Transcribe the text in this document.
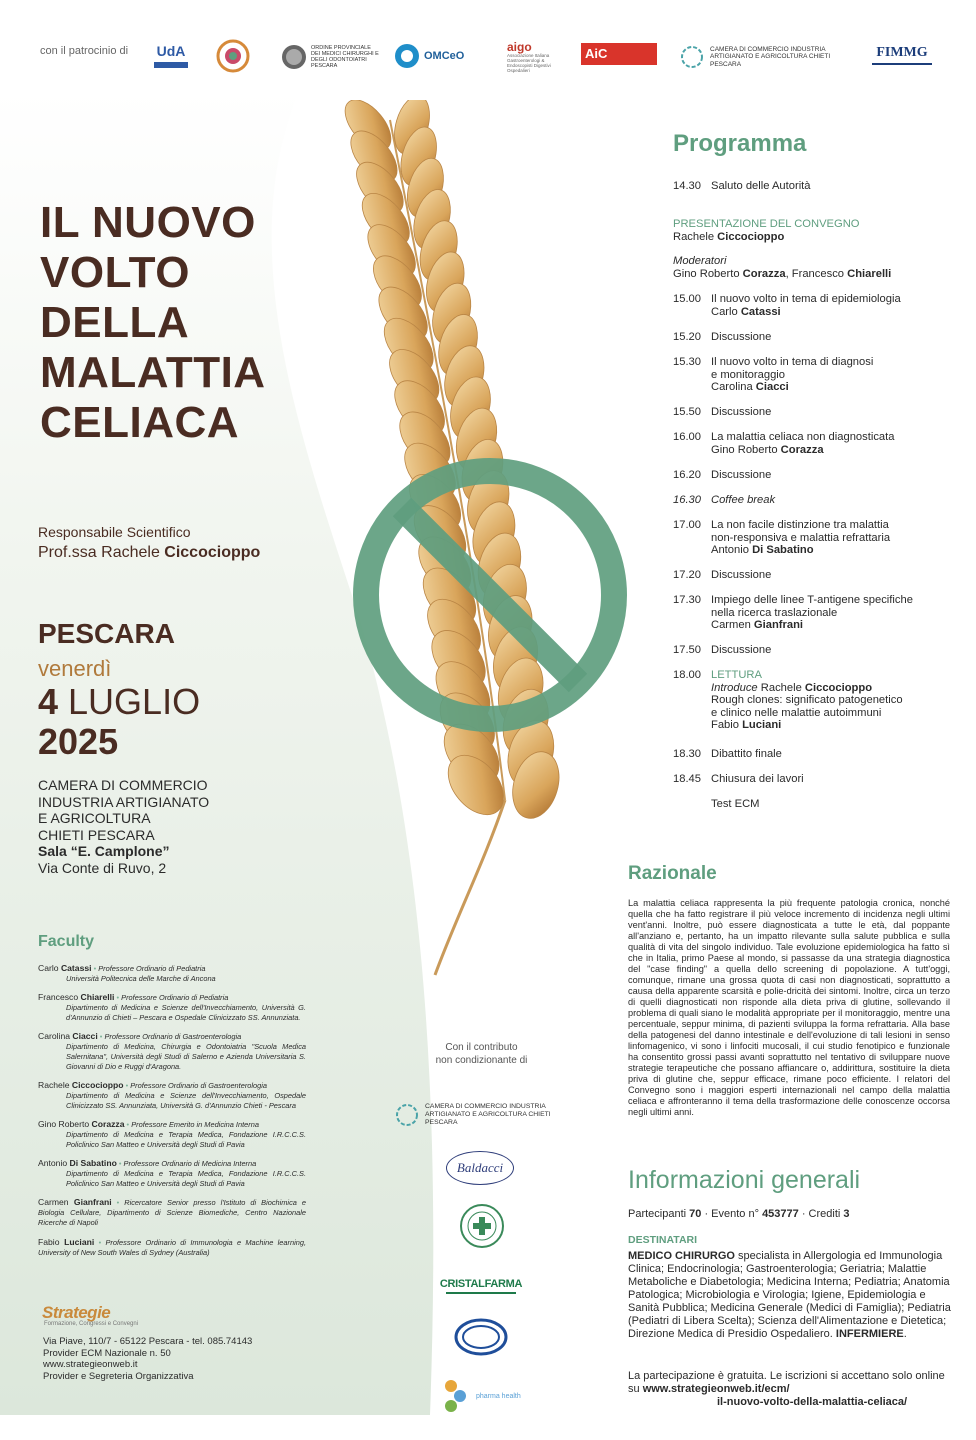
con il patrocinio di UdA	ORDINE PROVINCIALE DEI MEDICI CHIRURGHI E DEGLI ODONTOIATRI PESCARA
OMCeO
aigo
Associazione Italiana
Gastroenterologi &
Endoscopisti Digestivi
Ospedalieri
AiC	CAMERA DI COMMERCIO INDUSTRIA ARTIGIANATO E AGRICOLTURA CHIETI PESCARA
FIMMG
IL NUOVO
VOLTO
DELLA
MALATTIA
CELIACA
Responsabile Scientifico
Prof.ssa Rachele Ciccocioppo
PESCARA
venerdì
4 LUGLIO
2025
CAMERA DI COMMERCIO
INDUSTRIA ARTIGIANATO
E AGRICOLTURA
CHIETI PESCARA
Sala “E. Camplone”
Via Conte di Ruvo, 2
Faculty
Carlo Catassi • Professore Ordinario di Pediatria
Università Politecnica delle Marche di Ancona
Francesco Chiarelli • Professore Ordinario di Pediatria

Dipartimento di Medicina e Scienze dell'Invecchiamento, Università G. d'Annunzio di Chieti – Pescara e Ospedale Clinicizzato SS. Annunziata.
Carolina Ciacci • Professore Ordinario di Gastroenterologia

Dipartimento di Medicina, Chirurgia e Odontoiatria "Scuola Medica Salernitana", Università degli Studi di Salerno e Azienda Universitaria S. Giovanni di Dio e Ruggi d'Aragona.
Rachele Ciccocioppo • Professore Ordinario di Gastroenterologia

Dipartimento di Medicina e Scienze dell'Invecchiamento, Ospedale Clinicizzato SS. Annunziata, Università G. d'Annunzio Chieti - Pescara
Gino Roberto Corazza • Professore Emerito in Medicina Interna

Dipartimento di Medicina e Terapia Medica, Fondazione I.R.C.C.S. Policlinico San Matteo e Università degli Studi di Pavia
Antonio Di Sabatino • Professore Ordinario di Medicina Interna

Dipartimento di Medicina e Terapia Medica, Fondazione I.R.C.C.S. Policlinico San Matteo e Università degli Studi di Pavia
Carmen Gianfrani • Ricercatore Senior presso l'Istituto di Biochimica e Biologia Cellulare, Dipartimento di Scienze Biomediche, Centro Nazionale Ricerche di Napoli
Fabio Luciani • Professore Ordinario di Immunologia e Machine learning, University of New South Wales di Sydney (Australia)
Strategie
Formazione, Congressi e Convegni
Via Piave, 110/7 - 65122 Pescara - tel. 085.74143
Provider ECM Nazionale n. 50
www.strategieonweb.it
Provider e Segreteria Organizzativa
Con il contributo
non condizionante di
CAMERA DI COMMERCIO INDUSTRIA ARTIGIANATO E AGRICOLTURA CHIETI PESCARA
Baldacci
CRISTALFARMA
pharma health
Programma
14.30 Saluto delle Autorità
PRESENTAZIONE DEL CONVEGNO
Rachele Ciccocioppo
Moderatori
Gino Roberto Corazza, Francesco Chiarelli
15.00 Il nuovo volto in tema di epidemiologia
Carlo Catassi
15.20 Discussione
15.30 Il nuovo volto in tema di diagnosi
e monitoraggio
Carolina Ciacci
15.50 Discussione
16.00 La malattia celiaca non diagnosticata
Gino Roberto Corazza
16.20 Discussione
16.30 Coffee break
17.00 La non facile distinzione tra malattia
non-responsiva e malattia refrattaria
Antonio Di Sabatino
17.20 Discussione
17.30 Impiego delle linee T-antigene specifiche
nella ricerca traslazionale
Carmen Gianfrani
17.50 Discussione
18.00 LETTURA
Introduce Rachele Ciccocioppo
Rough clones: significato patogenetico
e clinico nelle malattie autoimmuni
Fabio Luciani
18.30 Dibattito finale
18.45 Chiusura dei lavori
Test ECM
Razionale
La malattia celiaca rappresenta la più frequente patologia cronica, nonché quella che ha fatto registrare il più veloce incremento di incidenza negli ultimi vent'anni. Inoltre, può essere diagnosticata a tutte le età, dal poppante all'anziano e, pertanto, ha un impatto rilevante sulla salute pubblica e sulla qualità di vita del singolo individuo. Tale evoluzione epidemiologica ha fatto sì che in Italia, primo Paese al mondo, si passasse da una strategia diagnostica del "case finding" a quella dello screening di popolazione. A tutt'oggi, comunque, rimane una grossa quota di casi non diagnosticati, soprattutto a causa della apparente scarsità e polie-dricità dei sintomi. Inoltre, circa un terzo di quelli diagnosticati non risponde alla dieta priva di glutine, sollevando il problema di quali siano le modalità appropriate per il monitoraggio, mentre una percentuale, seppur minima, di pazienti sviluppa la forma refrattaria. Alla base della patogenesi del danno intestinale e dell'evoluzione di tali lesioni in senso linfomagenico, vi sono i linfociti mucosali, il cui studio fenotipico e funzionale ha consentito grossi passi avanti soprattutto nel tentativo di sviluppare nuove strategie terapeutiche che possano affiancare o, addirittura, sostituire la dieta priva di glutine che, seppur efficace, rimane poco efficiente. I relatori del Convegno sono i maggiori esperti internazionali nel campo della malattia celiaca e affronteranno il tema della trasformazione delle conoscenze occorsa negli ultimi anni.
Informazioni generali
Partecipanti 70 · Evento n° 453777 · Crediti 3
DESTINATARI
MEDICO CHIRURGO specialista in Allergologia ed Immunologia Clinica; Endocrinologia; Gastroenterologia; Geriatria; Malattie Metaboliche e Diabetologia; Medicina Interna; Pediatria; Anatomia Patologica; Microbiologia e Virologia; Igiene, Epidemiologia e Sanità Pubblica; Medicina Generale (Medici di Famiglia); Pediatria (Pediatri di Libera Scelta); Scienza dell'Alimentazione e Dietetica; Direzione Medica di Presidio Ospedaliero. INFERMIERE.
La partecipazione è gratuita. Le iscrizioni si accettano solo online su www.strategieonweb.it/ecm/
il-nuovo-volto-della-malattia-celiaca/
